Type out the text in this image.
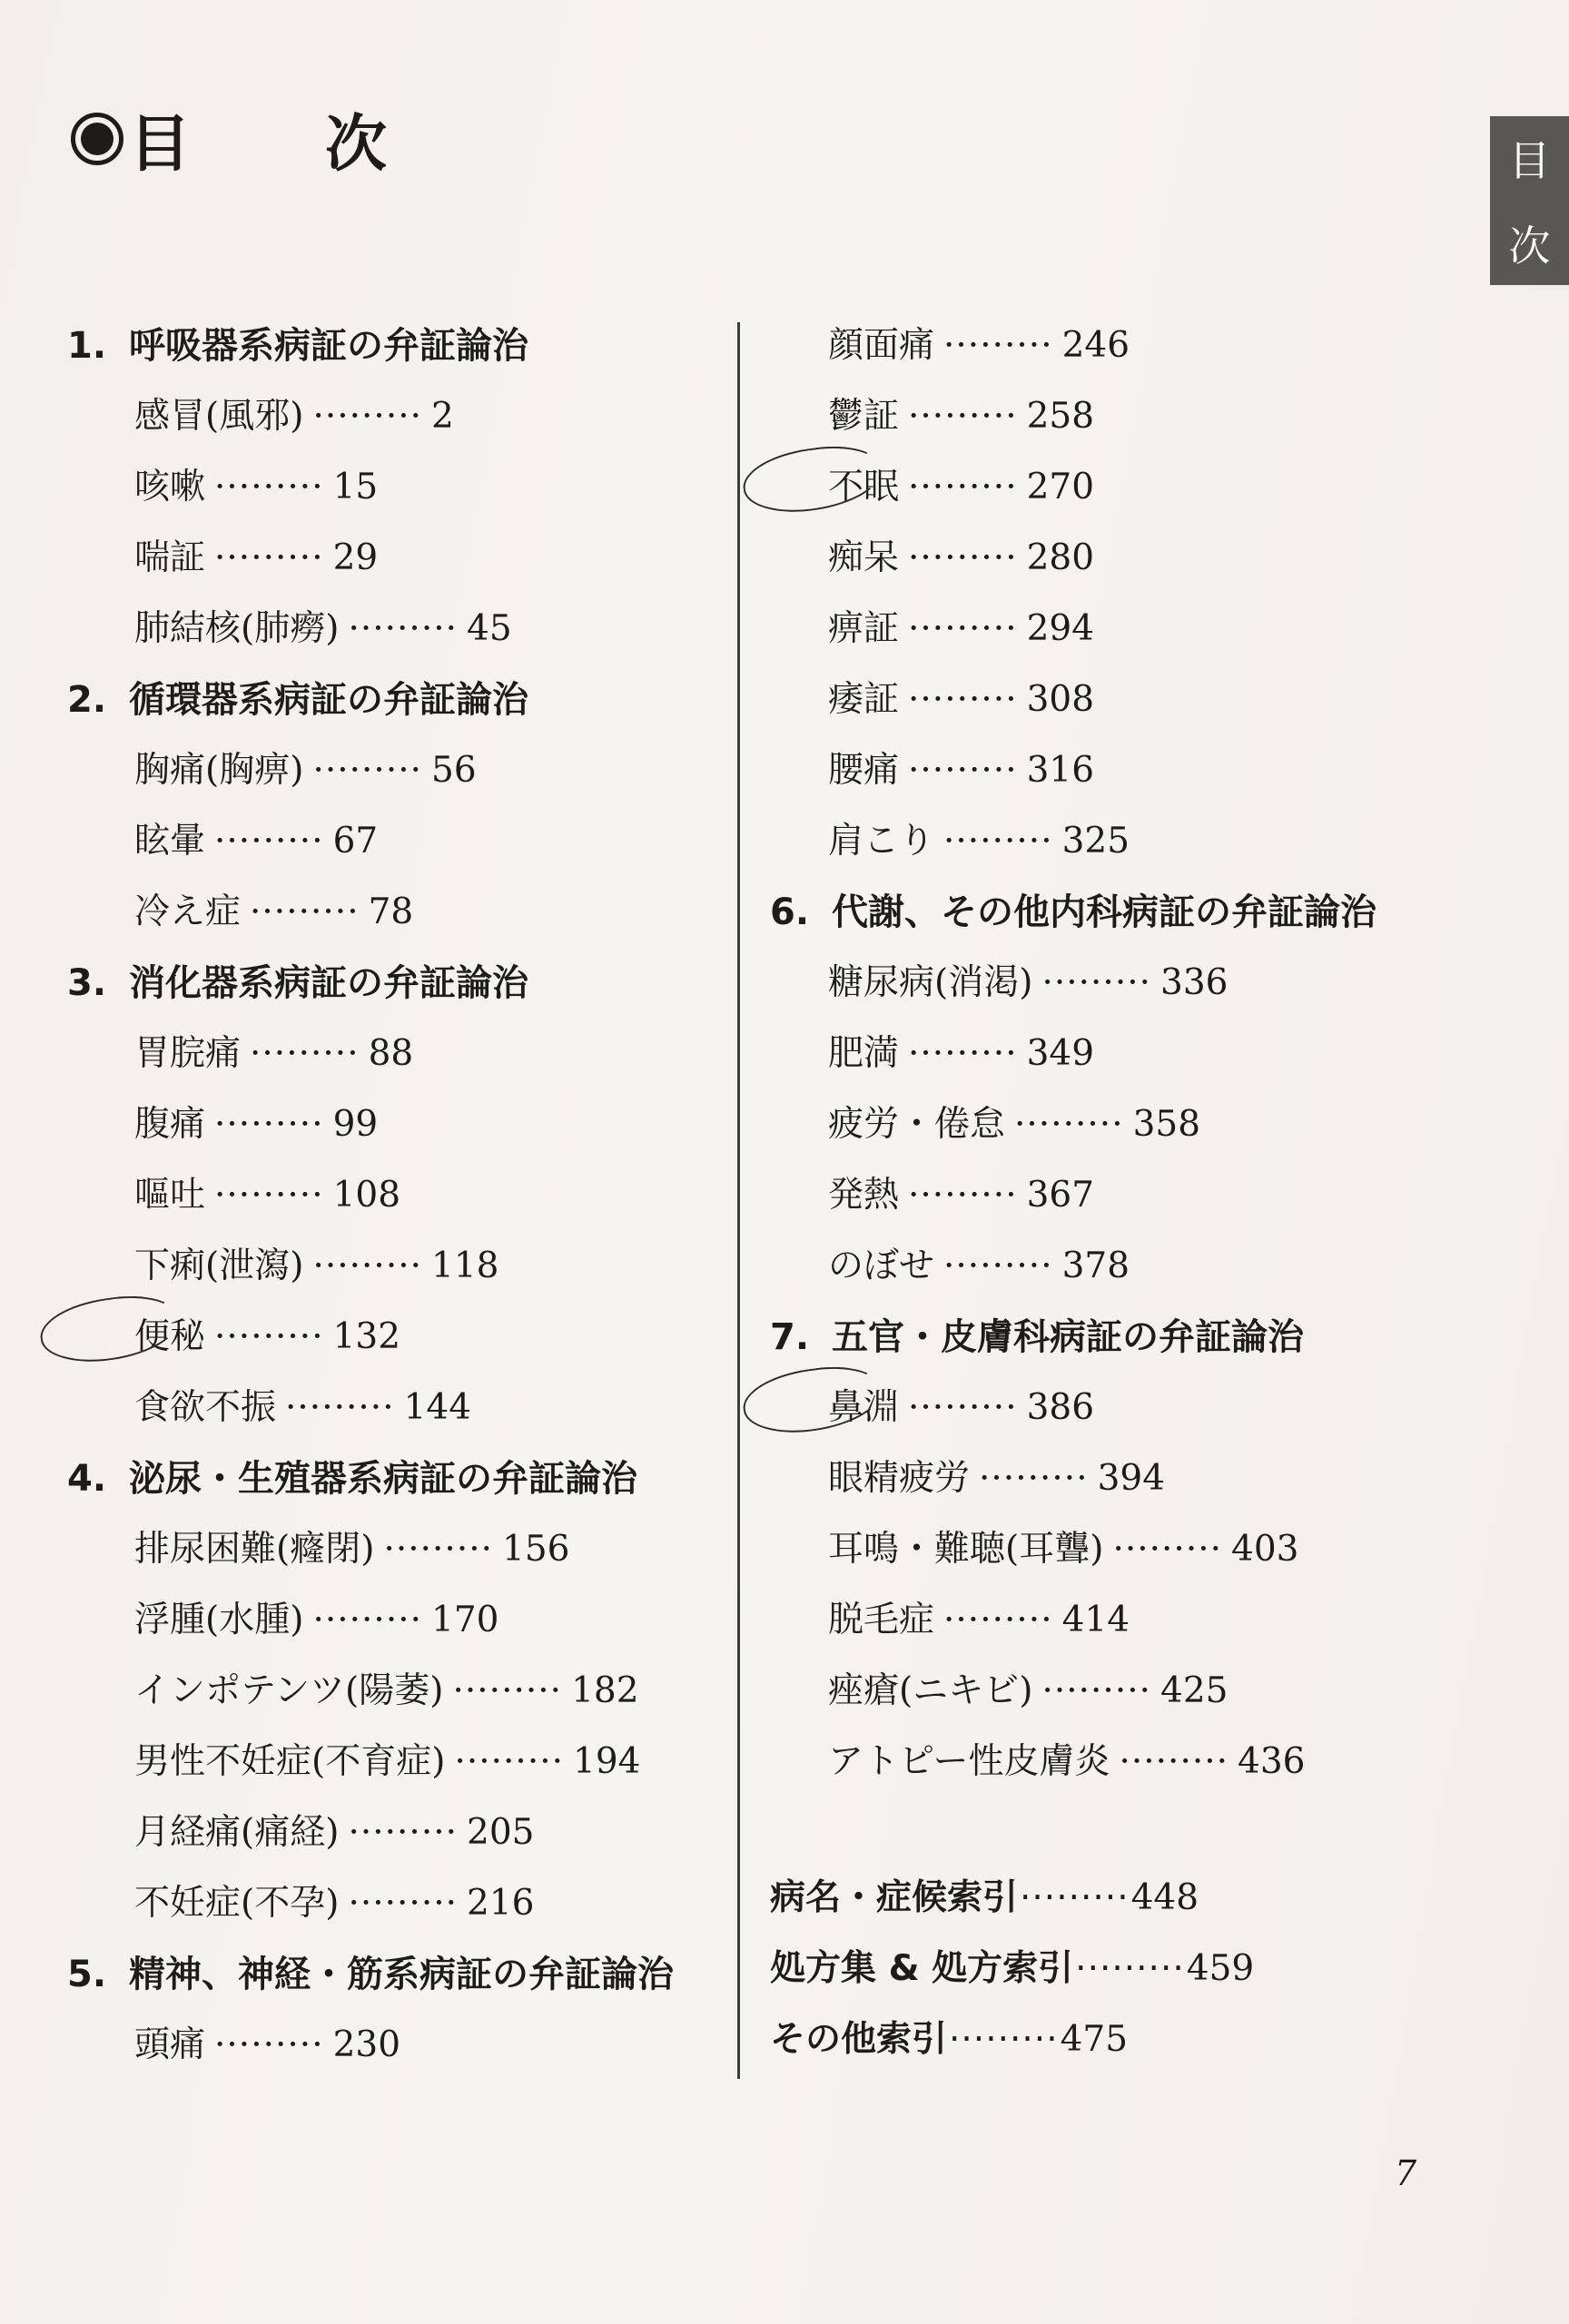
目　次	目
次
1. 呼吸器系病証の弁証論治
感冒(風邪) ········· 2
咳嗽 ········· 15
喘証 ········· 29
肺結核(肺癆) ········· 45
2. 循環器系病証の弁証論治
胸痛(胸痹) ········· 56
眩暈 ········· 67
冷え症 ········· 78
3. 消化器系病証の弁証論治
胃脘痛 ········· 88
腹痛 ········· 99
嘔吐 ········· 108
下痢(泄瀉) ········· 118
便秘 ········· 132
食欲不振 ········· 144
4. 泌尿・生殖器系病証の弁証論治
排尿困難(癃閉) ········· 156
浮腫(水腫) ········· 170
インポテンツ(陽萎) ········· 182
男性不妊症(不育症) ········· 194
月経痛(痛経) ········· 205
不妊症(不孕) ········· 216
5. 精神、神経・筋系病証の弁証論治
頭痛 ········· 230
顔面痛 ········· 246
鬱証 ········· 258
不眠 ········· 270
痴呆 ········· 280
痹証 ········· 294
痿証 ········· 308
腰痛 ········· 316
肩こり ········· 325
6. 代謝、その他内科病証の弁証論治
糖尿病(消渇) ········· 336
肥満 ········· 349
疲労・倦怠 ········· 358
発熱 ········· 367
のぼせ ········· 378
7. 五官・皮膚科病証の弁証論治
鼻淵 ········· 386
眼精疲労 ········· 394
耳鳴・難聴(耳聾) ········· 403
脱毛症 ········· 414
痤瘡(ニキビ) ········· 425
アトピー性皮膚炎 ········· 436
病名・症候索引·········448
処方集 & 処方索引·········459
その他索引·········475
7
